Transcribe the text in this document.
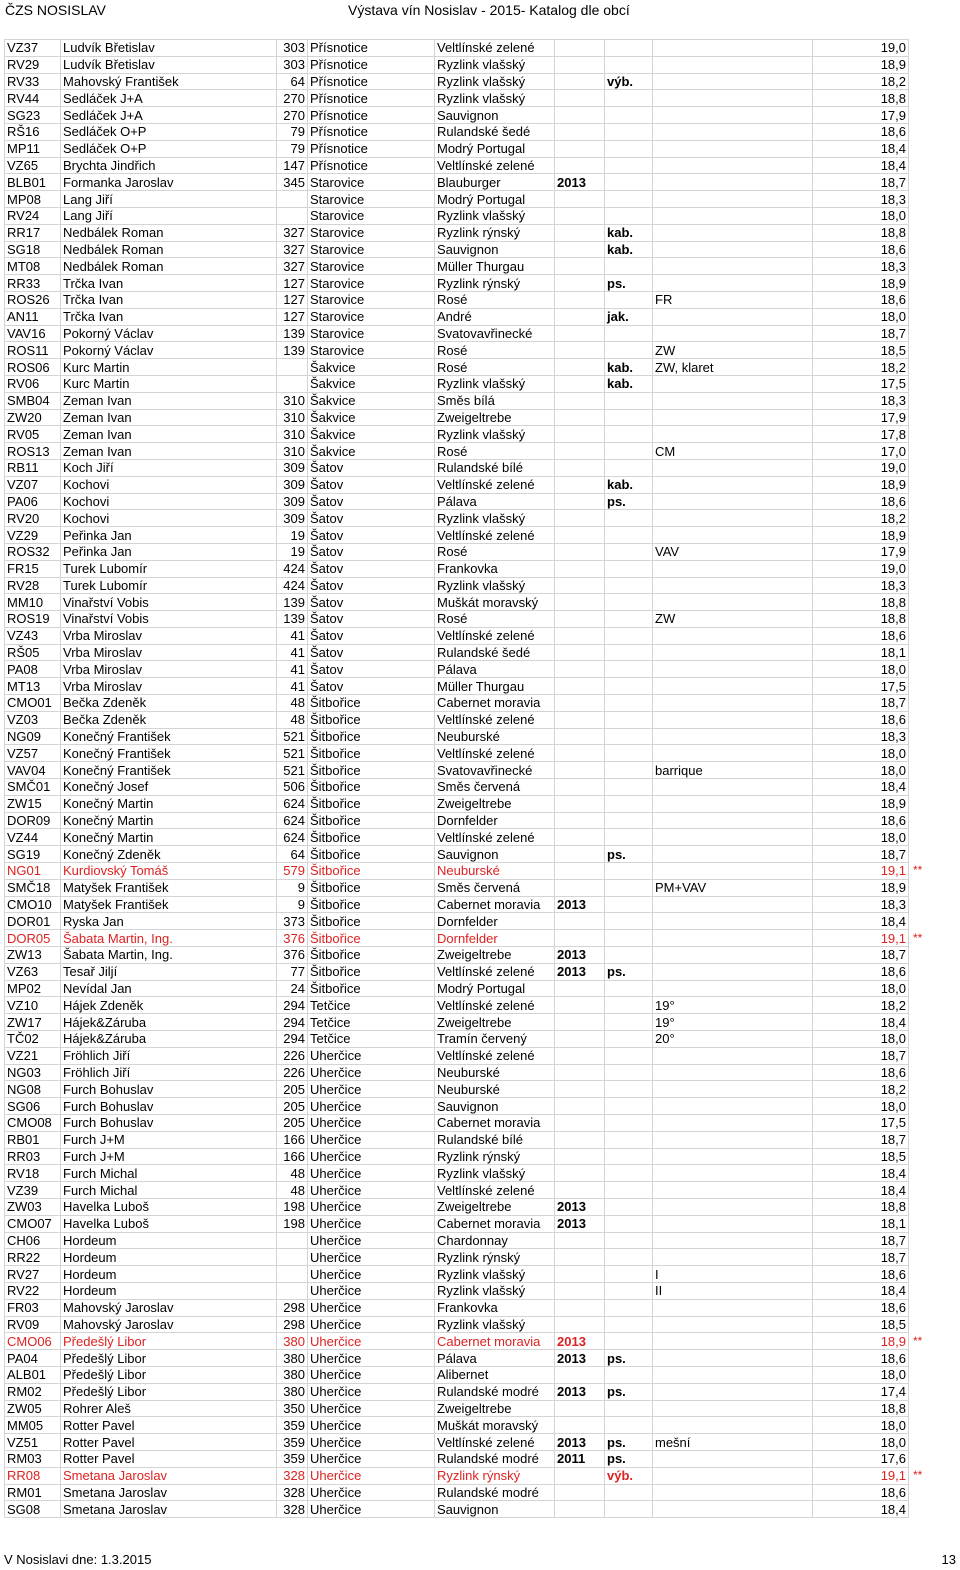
ČZS NOSISLAV	Výstava vín Nosislav - 2015- Katalog dle obcí
VZ37	Ludvík Břetislav	303	Přísnotice	Veltlínské zelené				19,0	
RV29	Ludvík Břetislav	303	Přísnotice	Ryzlink vlašský				18,9	
RV33	Mahovský František	64	Přísnotice	Ryzlink vlašský		výb.		18,2	
RV44	Sedláček J+A	270	Přísnotice	Ryzlink vlašský				18,8	
SG23	Sedláček J+A	270	Přísnotice	Sauvignon				17,9	
RŠ16	Sedláček O+P	79	Přísnotice	Rulandské šedé				18,6	
MP11	Sedláček O+P	79	Přísnotice	Modrý Portugal				18,4	
VZ65	Brychta Jindřich	147	Přísnotice	Veltlínské zelené				18,4	
BLB01	Formanka Jaroslav	345	Starovice	Blauburger	2013			18,7	
MP08	Lang Jiří		Starovice	Modrý Portugal				18,3	
RV24	Lang Jiří		Starovice	Ryzlink vlašský				18,0	
RR17	Nedbálek Roman	327	Starovice	Ryzlink rýnský		kab.		18,8	
SG18	Nedbálek Roman	327	Starovice	Sauvignon		kab.		18,6	
MT08	Nedbálek Roman	327	Starovice	Müller Thurgau				18,3	
RR33	Trčka Ivan	127	Starovice	Ryzlink rýnský		ps.		18,9	
ROS26	Trčka Ivan	127	Starovice	Rosé			FR	18,6	
AN11	Trčka Ivan	127	Starovice	André		jak.		18,0	
VAV16	Pokorný Václav	139	Starovice	Svatovavřinecké				18,7	
ROS11	Pokorný Václav	139	Starovice	Rosé			ZW	18,5	
ROS06	Kurc Martin		Šakvice	Rosé		kab.	ZW, klaret	18,2	
RV06	Kurc Martin		Šakvice	Ryzlink vlašský		kab.		17,5	
SMB04	Zeman Ivan	310	Šakvice	Směs bílá				18,3	
ZW20	Zeman Ivan	310	Šakvice	Zweigeltrebe				17,9	
RV05	Zeman Ivan	310	Šakvice	Ryzlink vlašský				17,8	
ROS13	Zeman Ivan	310	Šakvice	Rosé			CM	17,0	
RB11	Koch Jiří	309	Šatov	Rulandské bílé				19,0	
VZ07	Kochovi	309	Šatov	Veltlínské zelené		kab.		18,9	
PA06	Kochovi	309	Šatov	Pálava		ps.		18,6	
RV20	Kochovi	309	Šatov	Ryzlink vlašský				18,2	
VZ29	Peřinka Jan	19	Šatov	Veltlínské zelené				18,9	
ROS32	Peřinka Jan	19	Šatov	Rosé			VAV	17,9	
FR15	Turek Lubomír	424	Šatov	Frankovka				19,0	
RV28	Turek Lubomír	424	Šatov	Ryzlink vlašský				18,3	
MM10	Vinařství Vobis	139	Šatov	Muškát moravský				18,8	
ROS19	Vinařství Vobis	139	Šatov	Rosé			ZW	18,8	
VZ43	Vrba Miroslav	41	Šatov	Veltlínské zelené				18,6	
RŠ05	Vrba Miroslav	41	Šatov	Rulandské šedé				18,1	
PA08	Vrba Miroslav	41	Šatov	Pálava				18,0	
MT13	Vrba Miroslav	41	Šatov	Müller Thurgau				17,5	
CMO01	Bečka Zdeněk	48	Šitbořice	Cabernet moravia				18,7	
VZ03	Bečka Zdeněk	48	Šitbořice	Veltlínské zelené				18,6	
NG09	Konečný František	521	Šitbořice	Neuburské				18,3	
VZ57	Konečný František	521	Šitbořice	Veltlínské zelené				18,0	
VAV04	Konečný František	521	Šitbořice	Svatovavřinecké			barrique	18,0	
SMČ01	Konečný Josef	506	Šitbořice	Směs červená				18,4	
ZW15	Konečný Martin	624	Šitbořice	Zweigeltrebe				18,9	
DOR09	Konečný Martin	624	Šitbořice	Dornfelder				18,6	
VZ44	Konečný Martin	624	Šitbořice	Veltlínské zelené				18,0	
SG19	Konečný Zdeněk	64	Šitbořice	Sauvignon		ps.		18,7	
NG01	Kurdiovský Tomáš	579	Šitbořice	Neuburské				19,1	**
SMČ18	Matyšek František	9	Šitbořice	Směs červená			PM+VAV	18,9	
CMO10	Matyšek František	9	Šitbořice	Cabernet moravia	2013			18,3	
DOR01	Ryska Jan	373	Šitbořice	Dornfelder				18,4	
DOR05	Šabata Martin, Ing.	376	Šitbořice	Dornfelder				19,1	**
ZW13	Šabata Martin, Ing.	376	Šitbořice	Zweigeltrebe	2013			18,7	
VZ63	Tesař Jiljí	77	Šitbořice	Veltlínské zelené	2013	ps.		18,6	
MP02	Nevídal Jan	24	Šitbořice	Modrý Portugal				18,0	
VZ10	Hájek Zdeněk	294	Tetčice	Veltlínské zelené			19°	18,2	
ZW17	Hájek&Záruba	294	Tetčice	Zweigeltrebe			19°	18,4	
TČ02	Hájek&Záruba	294	Tetčice	Tramín červený			20°	18,0	
VZ21	Fröhlich Jiří	226	Uherčice	Veltlínské zelené				18,7	
NG03	Fröhlich Jiří	226	Uherčice	Neuburské				18,6	
NG08	Furch Bohuslav	205	Uherčice	Neuburské				18,2	
SG06	Furch Bohuslav	205	Uherčice	Sauvignon				18,0	
CMO08	Furch Bohuslav	205	Uherčice	Cabernet moravia				17,5	
RB01	Furch J+M	166	Uherčice	Rulandské bílé				18,7	
RR03	Furch J+M	166	Uherčice	Ryzlink rýnský				18,5	
RV18	Furch Michal	48	Uherčice	Ryzlink vlašský				18,4	
VZ39	Furch Michal	48	Uherčice	Veltlínské zelené				18,4	
ZW03	Havelka Luboš	198	Uherčice	Zweigeltrebe	2013			18,8	
CMO07	Havelka Luboš	198	Uherčice	Cabernet moravia	2013			18,1	
CH06	Hordeum		Uherčice	Chardonnay				18,7	
RR22	Hordeum		Uherčice	Ryzlink rýnský				18,7	
RV27	Hordeum		Uherčice	Ryzlink vlašský			I	18,6	
RV22	Hordeum		Uherčice	Ryzlink vlašský			II	18,4	
FR03	Mahovský Jaroslav	298	Uherčice	Frankovka				18,6	
RV09	Mahovský Jaroslav	298	Uherčice	Ryzlink vlašský				18,5	
CMO06	Předešlý Libor	380	Uherčice	Cabernet moravia	2013			18,9	**
PA04	Předešlý Libor	380	Uherčice	Pálava	2013	ps.		18,6	
ALB01	Předešlý Libor	380	Uherčice	Alibernet				18,0	
RM02	Předešlý Libor	380	Uherčice	Rulandské modré	2013	ps.		17,4	
ZW05	Rohrer Aleš	350	Uherčice	Zweigeltrebe				18,8	
MM05	Rotter Pavel	359	Uherčice	Muškát moravský				18,0	
VZ51	Rotter Pavel	359	Uherčice	Veltlínské zelené	2013	ps.	mešní	18,0	
RM03	Rotter Pavel	359	Uherčice	Rulandské modré	2011	ps.		17,6	
RR08	Smetana Jaroslav	328	Uherčice	Ryzlink rýnský		výb.		19,1	**
RM01	Smetana Jaroslav	328	Uherčice	Rulandské modré				18,6	
SG08	Smetana Jaroslav	328	Uherčice	Sauvignon				18,4	
V Nosislavi dne: 1.3.2015	13
